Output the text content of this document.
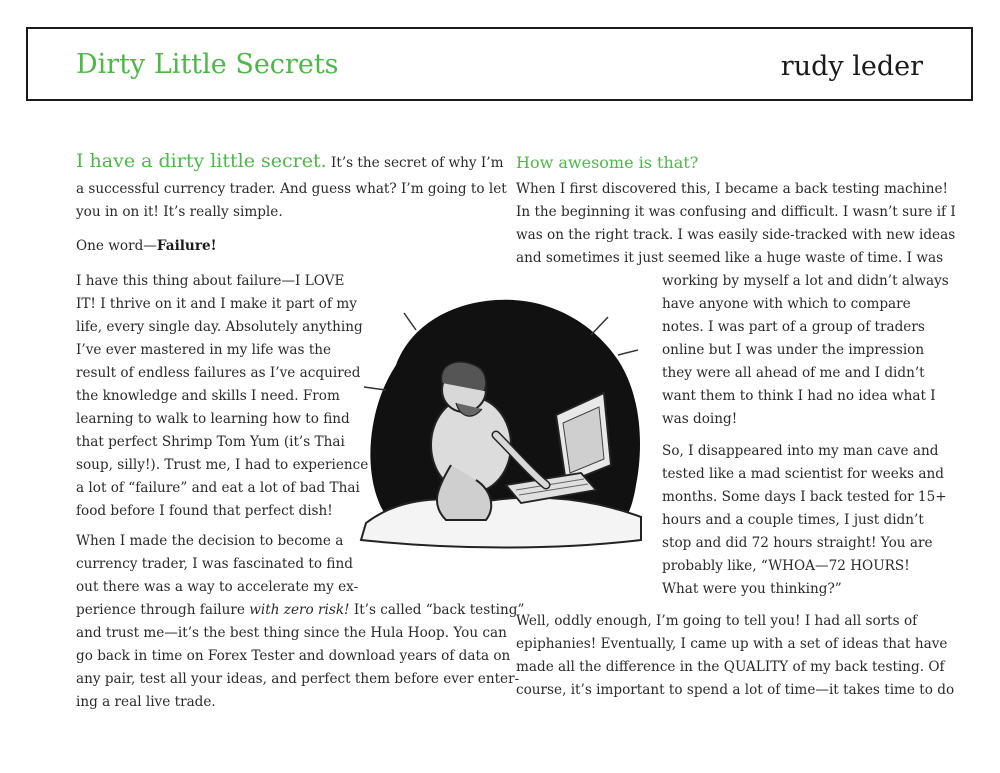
Dirty Little Secrets	rudy leder
I have a dirty little secret. It’s the secret of why I’m
a successful currency trader. And guess what? I’m going to let
you in on it! It’s really simple.
One word—Failure!
I have this thing about failure—I LOVE
IT! I thrive on it and I make it part of my
life, every single day. Absolutely anything
I’ve ever mastered in my life was the
result of endless failures as I’ve acquired
the knowledge and skills I need. From
learning to walk to learning how to find
that perfect Shrimp Tom Yum (it’s Thai
soup, silly!). Trust me, I had to experience
a lot of “failure” and eat a lot of bad Thai
food before I found that perfect dish!
When I made the decision to become a
currency trader, I was fascinated to find
out there was a way to accelerate my ex-
perience through failure with zero risk! It’s called “back testing”
and trust me—it’s the best thing since the Hula Hoop. You can
go back in time on Forex Tester and download years of data on
any pair, test all your ideas, and perfect them before ever enter-
ing a real live trade.
How awesome is that?
When I first discovered this, I became a back testing machine!
In the beginning it was confusing and difficult. I wasn’t sure if I
was on the right track. I was easily side-tracked with new ideas
and sometimes it just seemed like a huge waste of time. I was
working by myself a lot and didn’t always
have anyone with which to compare
notes. I was part of a group of traders
online but I was under the impression
they were all ahead of me and I didn’t
want them to think I had no idea what I
was doing!
So, I disappeared into my man cave and
tested like a mad scientist for weeks and
months. Some days I back tested for 15+
hours and a couple times, I just didn’t
stop and did 72 hours straight! You are
probably like, “WHOA—72 HOURS!
What were you thinking?”
Well, oddly enough, I’m going to tell you! I had all sorts of
epiphanies! Eventually, I came up with a set of ideas that have
made all the difference in the QUALITY of my back testing. Of
course, it’s important to spend a lot of time—it takes time to do
